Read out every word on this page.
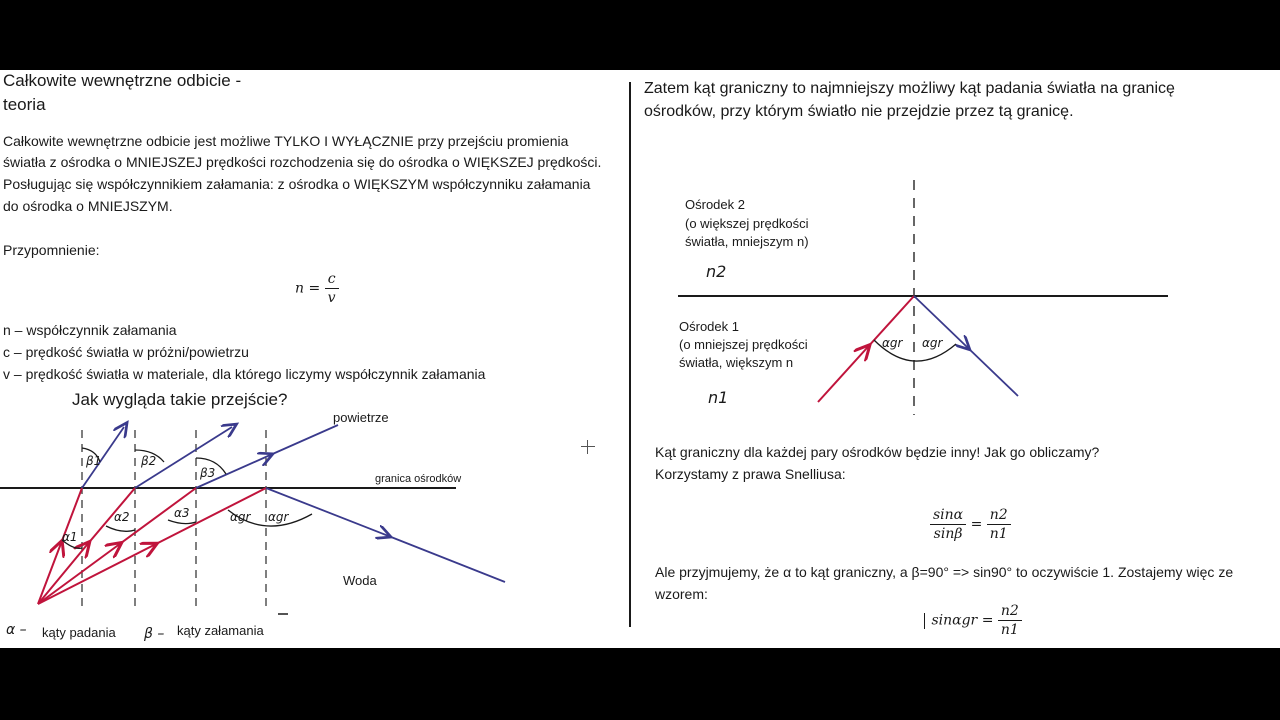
Całkowite wewnętrzne odbicie -
teoria
Całkowite wewnętrzne odbicie jest możliwe TYLKO I WYŁĄCZNIE przy przejściu promienia
światła z ośrodka o MNIEJSZEJ prędkości rozchodzenia się do ośrodka o WIĘKSZEJ prędkości.
Posługując się współczynnikiem załamania: z ośrodka o WIĘKSZYM współczynniku załamania
do ośrodka o MNIEJSZYM.
Przypomnienie:
$n = \frac{c}{v}$
n – współczynnik załamania
c – prędkość światła w próżni/powietrzu
v – prędkość światła w materiale, dla którego liczymy współczynnik załamania
Jak wygląda takie przejście?
powietrze
granica ośrodków
Woda
β1	β2
β3
α1
α2	α3	αgr αgr
α – kąty padania β – kąty załamania
Zatem kąt graniczny to najmniejszy możliwy kąt padania światła na granicę
ośrodków, przy którym światło nie przejdzie przez tą granicę.
Ośrodek 2
(o większej prędkości
światła, mniejszym n)
n2
Ośrodek 1
(o mniejszej prędkości
światła, większym n
n1
αgr αgr
Kąt graniczny dla każdej pary ośrodków będzie inny! Jak go obliczamy?
Korzystamy z prawa Snelliusa:
$\frac{\sin\alpha}{\sin\beta} = \frac{n2}{n1}$
Ale przyjmujemy, że α to kąt graniczny, a β=90° => sin90° to oczywiście 1. Zostajemy więc ze
wzorem:
$\sin\alpha gr = \frac{n2}{n1}$
